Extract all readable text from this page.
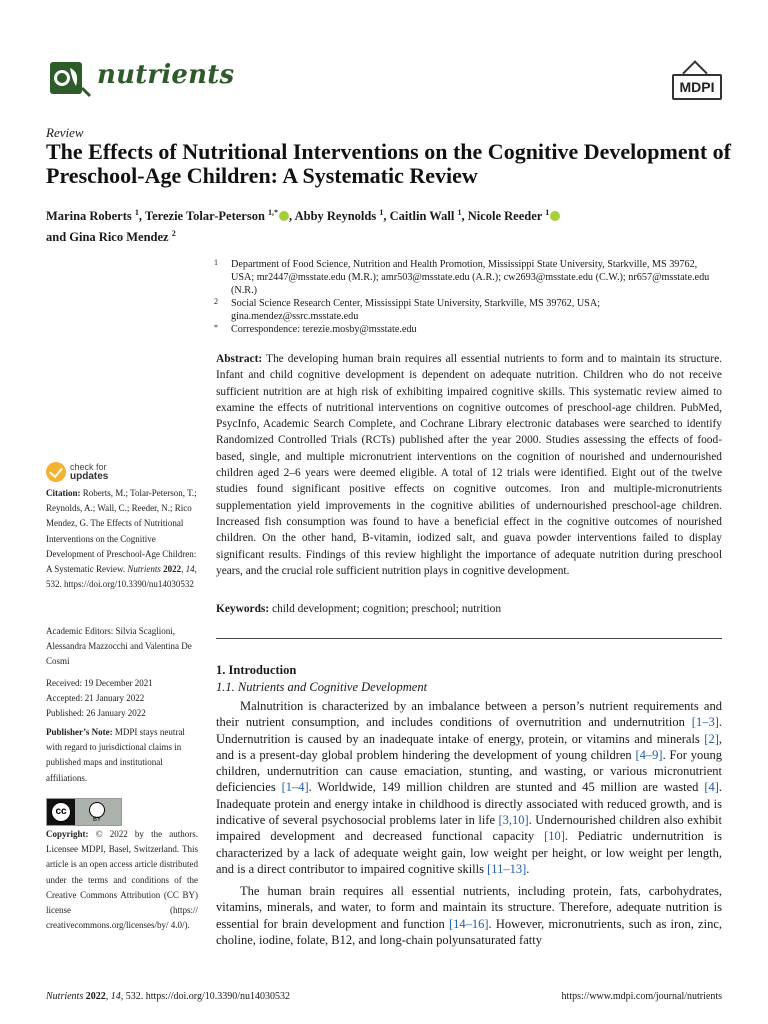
nutrients	MDPI
Review
The Effects of Nutritional Interventions on the Cognitive Development of Preschool-Age Children: A Systematic Review
Marina Roberts $^1$, Terezie Tolar-Peterson $^{1,*}$ , Abby Reynolds $^1$, Caitlin Wall $^1$, Nicole Reeder $^1$
and Gina Rico Mendez $^2$
1 Department of Food Science, Nutrition and Health Promotion, Mississippi State University, Starkville, MS 39762, USA; mr2447@msstate.edu (M.R.); amr503@msstate.edu (A.R.); cw2693@msstate.edu (C.W.); nr657@msstate.edu (N.R.)
2 Social Science Research Center, Mississippi State University, Starkville, MS 39762, USA; gina.mendez@ssrc.msstate.edu
* Correspondence: terezie.mosby@msstate.edu
Abstract: The developing human brain requires all essential nutrients to form and to maintain its structure. Infant and child cognitive development is dependent on adequate nutrition. Children who do not receive sufficient nutrition are at high risk of exhibiting impaired cognitive skills. This systematic review aimed to examine the effects of nutritional interventions on cognitive outcomes of preschool-age children. PubMed, PsycInfo, Academic Search Complete, and Cochrane Library electronic databases were searched to identify Randomized Controlled Trials (RCTs) published after the year 2000. Studies assessing the effects of food-based, single, and multiple micronutrient interventions on the cognition of nourished and undernourished children aged 2–6 years were deemed eligible. A total of 12 trials were identified. Eight out of the twelve studies found significant positive effects on cognitive outcomes. Iron and multiple-micronutrients supplementation yield improvements in the cognitive abilities of undernourished preschool-age children. Increased fish consumption was found to have a beneficial effect in the cognitive outcomes of nourished children. On the other hand, B-vitamin, iodized salt, and guava powder interventions failed to display significant results. Findings of this review highlight the importance of adequate nutrition during preschool years, and the crucial role sufficient nutrition plays in cognitive development.
Keywords: child development; cognition; preschool; nutrition
check for
updates
Citation: Roberts, M.; Tolar-Peterson, T.; Reynolds, A.; Wall, C.; Reeder, N.; Rico Mendez, G. The Effects of Nutritional Interventions on the Cognitive Development of Preschool-Age Children: A Systematic Review. Nutrients 2022, 14, 532. https://doi.org/10.3390/nu14030532
Academic Editors: Silvia Scaglioni, Alessandra Mazzocchi and Valentina De Cosmi
Received: 19 December 2021
Accepted: 21 January 2022
Published: 26 January 2022
Publisher’s Note: MDPI stays neutral with regard to jurisdictional claims in published maps and institutional affiliations.
cc
BY
Copyright: © 2022 by the authors. Licensee MDPI, Basel, Switzerland. This article is an open access article distributed under the terms and conditions of the Creative Commons Attribution (CC BY) license (https:// creativecommons.org/licenses/by/ 4.0/).
1. Introduction
1.1. Nutrients and Cognitive Development
Malnutrition is characterized by an imbalance between a person’s nutrient requirements and their nutrient consumption, and includes conditions of overnutrition and undernutrition [1–3]. Undernutrition is caused by an inadequate intake of energy, protein, or vitamins and minerals [2], and is a present-day global problem hindering the development of young children [4–9]. For young children, undernutrition can cause emaciation, stunting, and wasting, or various micronutrient deficiencies [1–4]. Worldwide, 149 million children are stunted and 45 million are wasted [4]. Inadequate protein and energy intake in childhood is directly associated with reduced growth, and is indicative of several psychosocial problems later in life [3,10]. Undernourished children also exhibit impaired development and decreased functional capacity [10]. Pediatric undernutrition is characterized by a lack of adequate weight gain, low weight per height, or low weight per length, and is a direct contributor to impaired cognitive skills [11–13].
The human brain requires all essential nutrients, including protein, fats, carbohydrates, vitamins, minerals, and water, to form and maintain its structure. Therefore, adequate nutrition is essential for brain development and function [14–16]. However, micronutrients, such as iron, zinc, choline, iodine, folate, B12, and long-chain polyunsaturated fatty
Nutrients 2022, 14, 532. https://doi.org/10.3390/nu14030532	https://www.mdpi.com/journal/nutrients
